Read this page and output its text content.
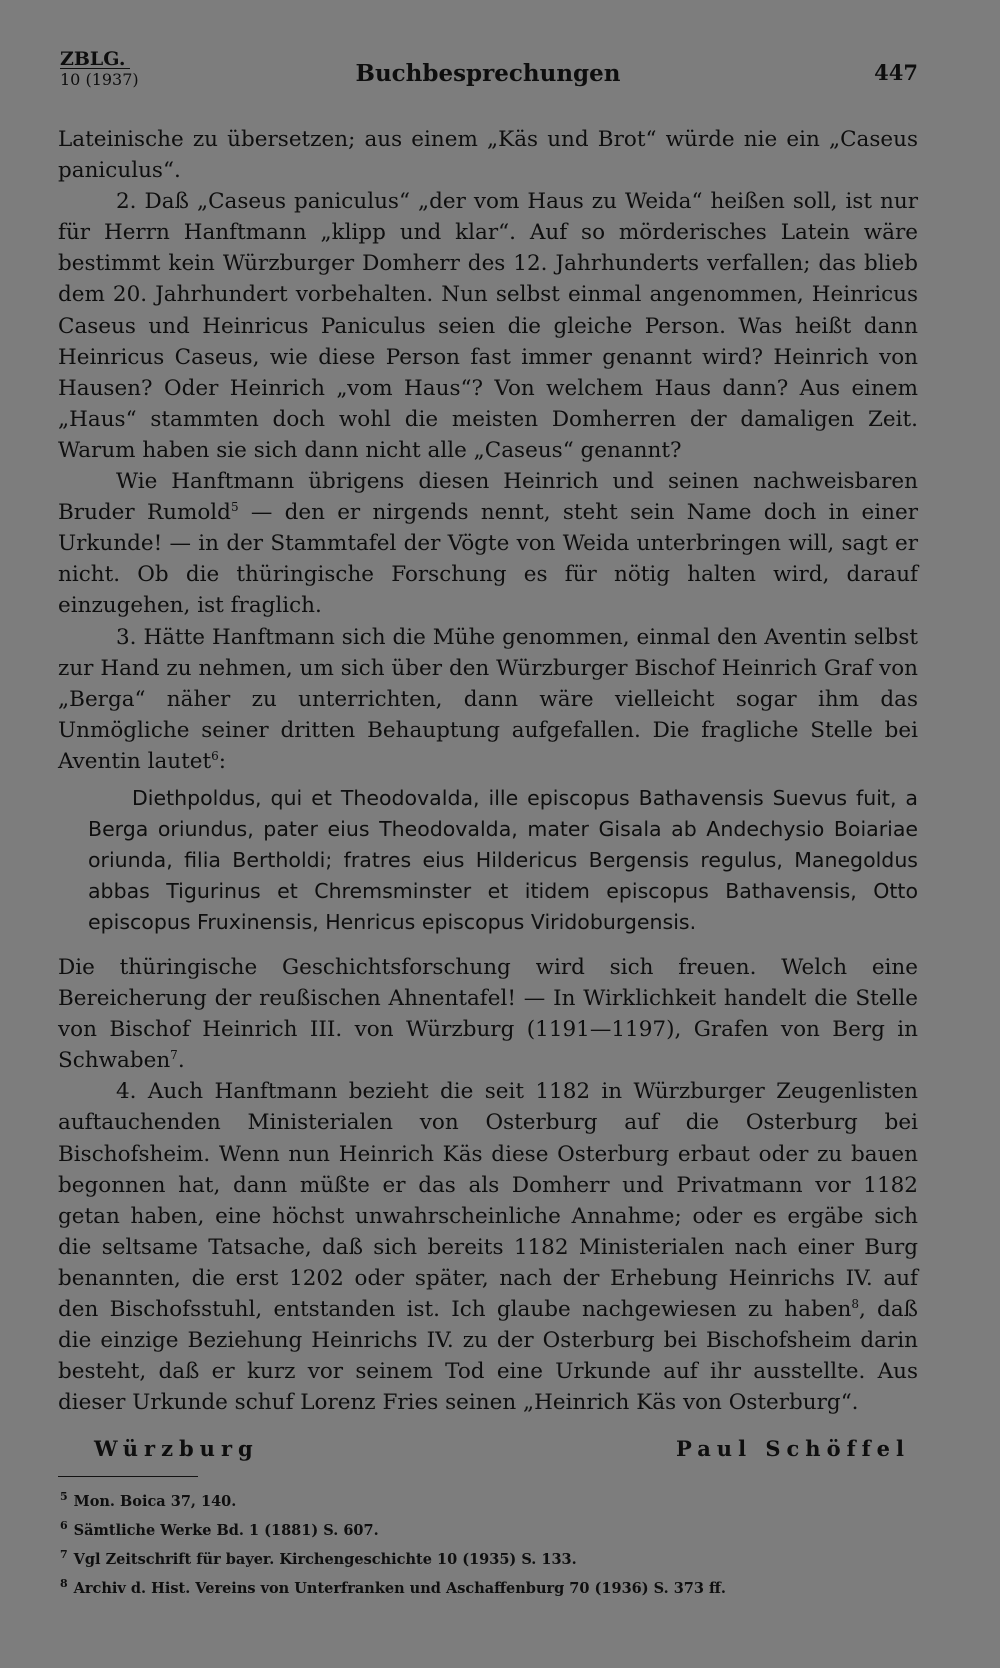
ZBLG.
10 (1937)	Buchbesprechungen	447

Lateinische zu übersetzen; aus einem „Käs und Brot“ würde nie ein „Caseus paniculus“.

2. Daß „Caseus paniculus“ „der vom Haus zu Weida“ heißen soll, ist nur für Herrn Hanftmann „klipp und klar“. Auf so mörderisches Latein wäre bestimmt kein Würzburger Domherr des 12. Jahrhunderts verfallen; das blieb dem 20. Jahrhundert vorbehalten. Nun selbst einmal angenommen, Heinricus Caseus und Heinricus Paniculus seien die gleiche Person. Was heißt dann Heinricus Caseus, wie diese Person fast immer genannt wird? Heinrich von Hausen? Oder Heinrich „vom Haus“? Von welchem Haus dann? Aus einem „Haus“ stammten doch wohl die meisten Domherren der damaligen Zeit. Warum haben sie sich dann nicht alle „Caseus“ genannt?

Wie Hanftmann übrigens diesen Heinrich und seinen nachweisbaren Bruder Rumold$^5$ — den er nirgends nennt, steht sein Name doch in einer Urkunde! — in der Stammtafel der Vögte von Weida unterbringen will, sagt er nicht. Ob die thüringische Forschung es für nötig halten wird, darauf einzugehen, ist fraglich.

3. Hätte Hanftmann sich die Mühe genommen, einmal den Aventin selbst zur Hand zu nehmen, um sich über den Würzburger Bischof Heinrich Graf von „Berga“ näher zu unterrichten, dann wäre vielleicht sogar ihm das Unmögliche seiner dritten Behauptung aufgefallen. Die fragliche Stelle bei Aventin lautet$^6$:

Diethpoldus, qui et Theodovalda, ille episcopus Bathavensis Suevus fuit, a Berga oriundus, pater eius Theodovalda, mater Gisala ab Andechysio Boiariae oriunda, filia Bertholdi; fratres eius Hildericus Bergensis regulus, Manegoldus abbas Tigurinus et Chremsminster et itidem episcopus Bathavensis, Otto episcopus Fruxinensis, Henricus episcopus Viridoburgensis.

Die thüringische Geschichtsforschung wird sich freuen. Welch eine Bereicherung der reußischen Ahnentafel! — In Wirklichkeit handelt die Stelle von Bischof Heinrich III. von Würzburg (1191—1197), Grafen von Berg in Schwaben$^7$.

4. Auch Hanftmann bezieht die seit 1182 in Würzburger Zeugenlisten auftauchenden Ministerialen von Osterburg auf die Osterburg bei Bischofsheim. Wenn nun Heinrich Käs diese Osterburg erbaut oder zu bauen begonnen hat, dann müßte er das als Domherr und Privatmann vor 1182 getan haben, eine höchst unwahrscheinliche Annahme; oder es ergäbe sich die seltsame Tatsache, daß sich bereits 1182 Ministerialen nach einer Burg benannten, die erst 1202 oder später, nach der Erhebung Heinrichs IV. auf den Bischofsstuhl, entstanden ist. Ich glaube nachgewiesen zu haben$^8$, daß die einzige Beziehung Heinrichs IV. zu der Osterburg bei Bischofsheim darin besteht, daß er kurz vor seinem Tod eine Urkunde auf ihr ausstellte. Aus dieser Urkunde schuf Lorenz Fries seinen „Heinrich Käs von Osterburg“.

Würzburg	Paul Schöffel
$^5$ Mon. Boica 37, 140.
$^6$ Sämtliche Werke Bd. 1 (1881) S. 607.
$^7$ Vgl Zeitschrift für bayer. Kirchengeschichte 10 (1935) S. 133.
$^8$ Archiv d. Hist. Vereins von Unterfranken und Aschaffenburg 70 (1936) S. 373 ff.
